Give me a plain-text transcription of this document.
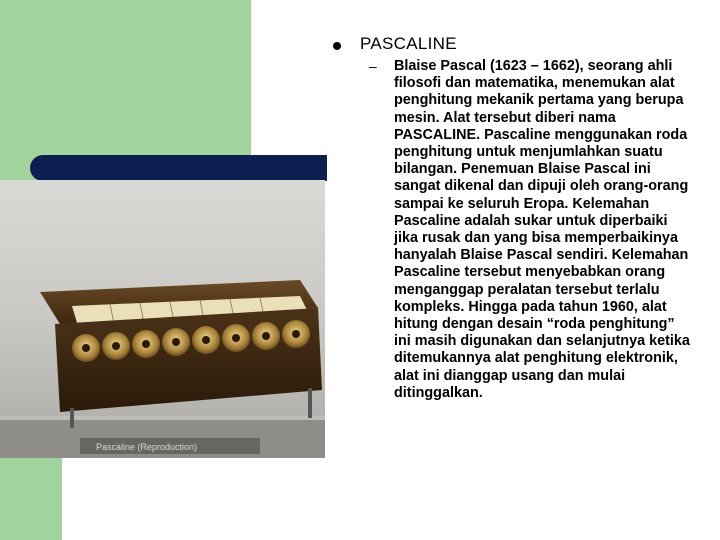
Pascaline (Reproduction)
PASCALINE
– Blaise Pascal (1623 – 1662), seorang ahli filosofi dan matematika, menemukan alat penghitung mekanik pertama yang berupa mesin. Alat tersebut diberi nama PASCALINE. Pascaline menggunakan roda penghitung untuk menjumlahkan suatu bilangan. Penemuan Blaise Pascal ini sangat dikenal dan dipuji oleh orang-orang sampai ke seluruh Eropa. Kelemahan Pascaline adalah sukar untuk diperbaiki jika rusak dan yang bisa memperbaikinya hanyalah Blaise Pascal sendiri. Kelemahan Pascaline tersebut menyebabkan orang menganggap peralatan tersebut terlalu kompleks. Hingga pada tahun 1960, alat hitung dengan desain “roda penghitung” ini masih digunakan dan selanjutnya ketika ditemukannya alat penghitung elektronik, alat ini dianggap usang dan mulai ditinggalkan.
